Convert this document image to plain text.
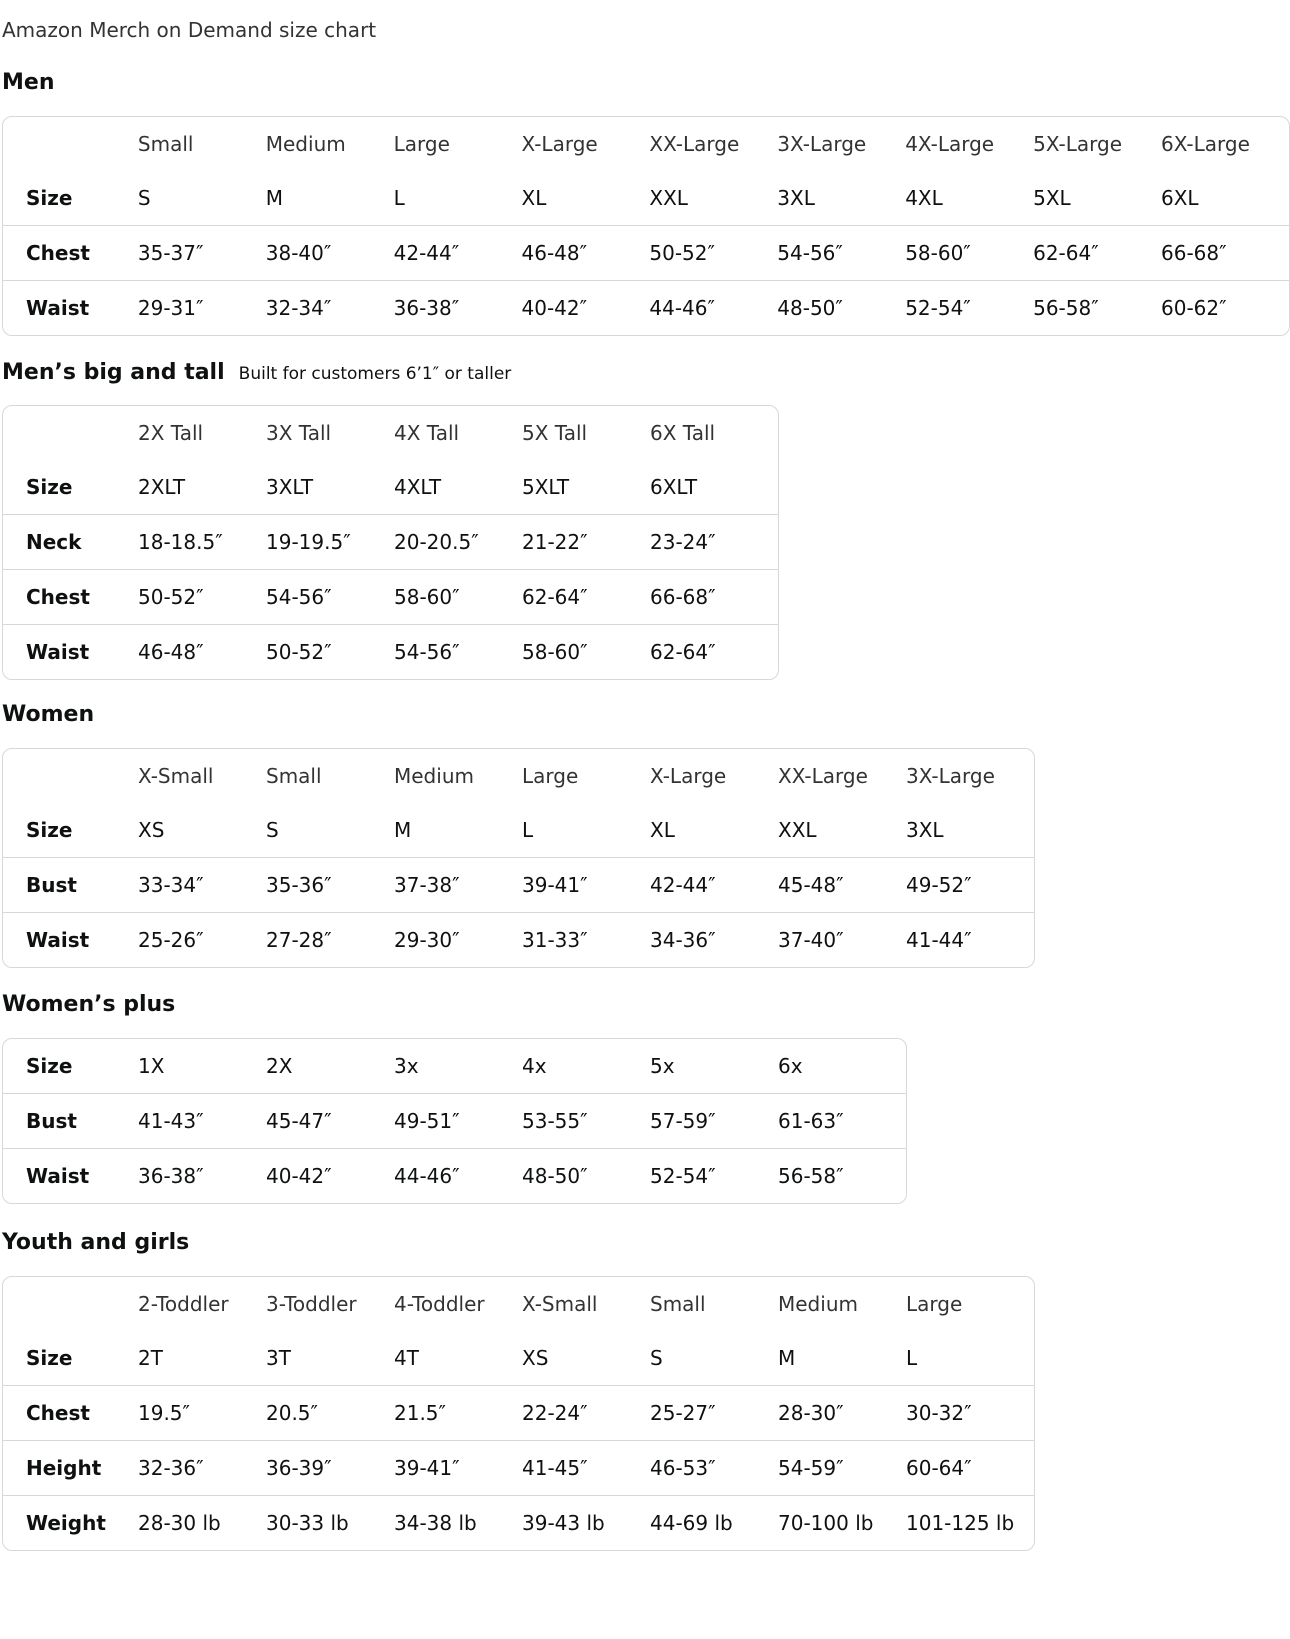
Amazon Merch on Demand size chart
Men
	Small	Medium	Large	X-Large	XX-Large	3X-Large	4X-Large	5X-Large	6X-Large
Size	S	M	L	XL	XXL	3XL	4XL	5XL	6XL
Chest	35-37″	38-40″	42-44″	46-48″	50-52″	54-56″	58-60″	62-64″	66-68″
Waist	29-31″	32-34″	36-38″	40-42″	44-46″	48-50″	52-54″	56-58″	60-62″
Men’s big and tall Built for customers 6’1″ or taller
	2X Tall	3X Tall	4X Tall	5X Tall	6X Tall
Size	2XLT	3XLT	4XLT	5XLT	6XLT
Neck	18-18.5″	19-19.5″	20-20.5″	21-22″	23-24″
Chest	50-52″	54-56″	58-60″	62-64″	66-68″
Waist	46-48″	50-52″	54-56″	58-60″	62-64″
Women
	X-Small	Small	Medium	Large	X-Large	XX-Large	3X-Large
Size	XS	S	M	L	XL	XXL	3XL
Bust	33-34″	35-36″	37-38″	39-41″	42-44″	45-48″	49-52″
Waist	25-26″	27-28″	29-30″	31-33″	34-36″	37-40″	41-44″
Women’s plus
Size	1X	2X	3x	4x	5x	6x
Bust	41-43″	45-47″	49-51″	53-55″	57-59″	61-63″
Waist	36-38″	40-42″	44-46″	48-50″	52-54″	56-58″
Youth and girls
	2-Toddler	3-Toddler	4-Toddler	X-Small	Small	Medium	Large
Size	2T	3T	4T	XS	S	M	L
Chest	19.5″	20.5″	21.5″	22-24″	25-27″	28-30″	30-32″
Height	32-36″	36-39″	39-41″	41-45″	46-53″	54-59″	60-64″
Weight	28-30 lb	30-33 lb	34-38 lb	39-43 lb	44-69 lb	70-100 lb	101-125 lb
